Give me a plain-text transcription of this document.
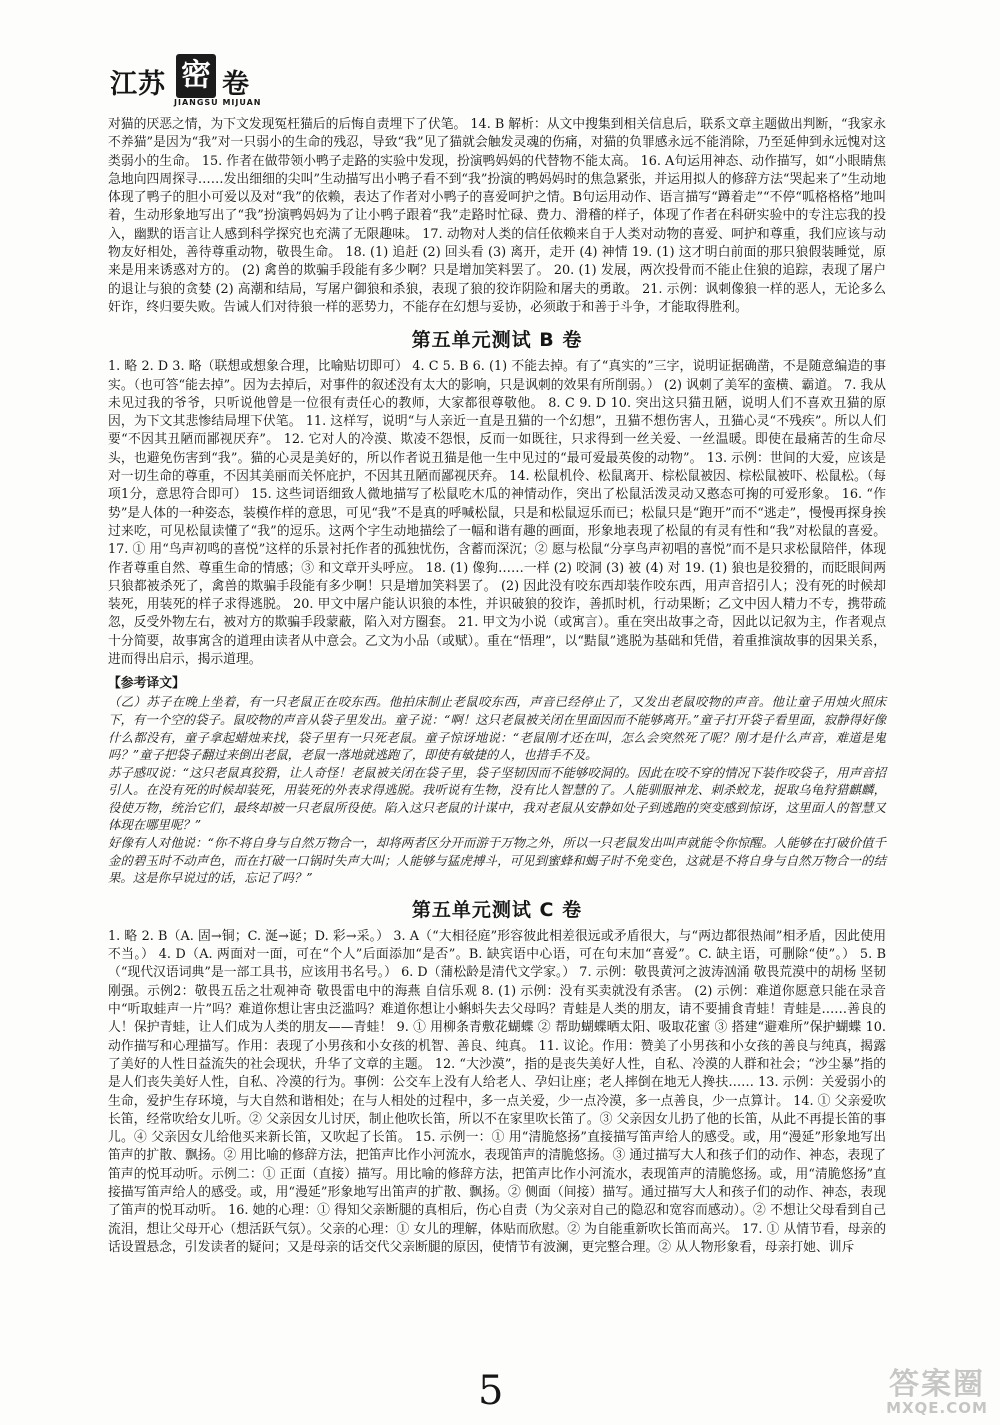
江苏 密 卷
JIANGSU MIJUAN

对猫的厌恶之情，为下文发现冤枉猫后的后悔自责埋下了伏笔。 14. B 解析：从文中搜集到相关信息后，联系文章主题做出判断，“我家永不养猫”是因为“我”对一只弱小的生命的残忍，导致“我”见了猫就会触发灵魂的伤痛，对猫的负罪感永远不能消除，乃至延伸到永远愧对这类弱小的生命。 15. 作者在做带领小鸭子走路的实验中发现，扮演鸭妈妈的代替物不能太高。 16. A句运用神态、动作描写，如“小眼睛焦急地向四周探寻……发出细细的尖叫”生动描写出小鸭子看不到“我”扮演的鸭妈妈时的焦急紧张，并运用拟人的修辞方法“哭起来了”生动地体现了鸭子的胆小可爱以及对“我”的依赖，表达了作者对小鸭子的喜爱呵护之情。B句运用动作、语言描写“蹲着走”“不停“呱格格格”地叫着，生动形象地写出了“我”扮演鸭妈妈为了让小鸭子跟着“我”走路时忙碌、费力、滑稽的样子，体现了作者在科研实验中的专注忘我的投入，幽默的语言让人感到科学探究也充满了无限趣味。 17. 动物对人类的信任依赖来自于人类对动物的喜爱、呵护和尊重，我们应该与动物友好相处，善待尊重动物，敬畏生命。 18. (1) 追赶 (2) 回头看 (3) 离开，走开 (4) 神情 19. (1) 这才明白前面的那只狼假装睡觉，原来是用来诱惑对方的。 (2) 禽兽的欺骗手段能有多少啊？只是增加笑料罢了。 20. (1) 发展，两次投骨而不能止住狼的追踪，表现了屠户的退让与狼的贪婪 (2) 高潮和结局，写屠户御狼和杀狼，表现了狼的狡诈阴险和屠夫的勇敢。 21. 示例：讽刺像狼一样的恶人，无论多么奸诈，终归要失败。告诫人们对待狼一样的恶势力，不能存在幻想与妥协，必须敢于和善于斗争，才能取得胜利。

第五单元测试 B 卷

1. 略 2. D 3. 略（联想或想象合理，比喻贴切即可） 4. C 5. B 6. (1) 不能去掉。有了“真实的”三字，说明证据确凿，不是随意编造的事实。（也可答“能去掉”。因为去掉后，对事件的叙述没有太大的影响，只是讽刺的效果有所削弱。） (2) 讽刺了美军的蛮横、霸道。 7. 我从未见过我的爷爷，只听说他曾是一位很有责任心的教师，大家都很尊敬他。 8. C 9. D 10. 突出这只猫丑陋，说明人们不喜欢丑猫的原因，为下文其悲惨结局埋下伏笔。 11. 这样写，说明“与人亲近一直是丑猫的一个幻想”，丑猫不想伤害人，丑猫心灵“不残疾”。所以人们要“不因其丑陋而鄙视厌弃”。 12. 它对人的冷漠、欺凌不怨恨，反而一如既往，只求得到一丝关爱、一丝温暖。即使在最痛苦的生命尽头，也避免伤害到“我”。猫的心灵是美好的，所以作者说丑猫是他一生中见过的“最可爱最英俊的动物”。 13. 示例：世间的大爱，应该是对一切生命的尊重，不因其美丽而关怀庇护，不因其丑陋而鄙视厌弃。 14. 松鼠机伶、松鼠离开、棕松鼠被因、棕松鼠被吓、松鼠松。（每项1分，意思符合即可） 15. 这些词语细致人微地描写了松鼠吃木瓜的神情动作，突出了松鼠活泼灵动又憨态可掬的可爱形象。 16. “作势”是人体的一种姿态，装模作样的意思，可见“我”不是真的呼喊松鼠，只是和松鼠逗乐而已；松鼠只是“跑开”而不“逃走”，慢慢再探身挨过来吃，可见松鼠读懂了“我”的逗乐。这两个字生动地描绘了一幅和谐有趣的画面，形象地表现了松鼠的有灵有性和“我”对松鼠的喜爱。 17. ① 用“鸟声初鸣的喜悦”这样的乐景衬托作者的孤独忧伤，含蓄而深沉；② 愿与松鼠“分享鸟声初唱的喜悦”而不是只求松鼠陪伴，体现作者尊重自然、尊重生命的情感；③ 和文章开头呼应。 18. (1) 像狗……一样 (2) 咬洞 (3) 被 (4) 对 19. (1) 狼也是狡猾的，而眨眼间两只狼都被杀死了，禽兽的欺骗手段能有多少啊！只是增加笑料罢了。 (2) 因此没有咬东西却装作咬东西，用声音招引人；没有死的时候却装死，用装死的样子求得逃脱。 20. 甲文中屠户能认识狼的本性，并识破狼的狡诈，善抓时机，行动果断；乙文中因人精力不专，携带疏忽，反受外物左右，被对方的欺骗手段蒙蔽，陷入对方圈套。 21. 甲文为小说（或寓言）。重在突出故事之奇，因此以记叙为主，作者观点十分简要，故事寓含的道理由读者从中意会。乙文为小品（或赋）。重在“悟理”，以“黠鼠”逃脱为基础和凭借，着重推演故事的因果关系，进而得出启示，揭示道理。

【参考译文】

（乙）苏子在晚上坐着，有一只老鼠正在咬东西。他拍床制止老鼠咬东西，声音已经停止了，又发出老鼠咬物的声音。他让童子用烛火照床下，有一个空的袋子。鼠咬物的声音从袋子里发出。童子说：“啊！这只老鼠被关闭在里面因而不能够离开。”童子打开袋子看里面，寂静得好像什么都没有，童子拿起蜡烛来找，袋子里有一只死老鼠。童子惊讶地说：“老鼠刚才还在叫，怎么会突然死了呢？刚才是什么声音，难道是鬼吗？”童子把袋子翻过来倒出老鼠，老鼠一落地就逃跑了，即使有敏捷的人，也措手不及。

苏子感叹说：“这只老鼠真狡猾，让人奇怪！老鼠被关闭在袋子里，袋子坚韧因而不能够咬洞的。因此在咬不穿的情况下装作咬袋子，用声音招引人。在没有死的时候却装死，用装死的外表求得逃脱。我听说有生物，没有比人智慧的了。人能驯服神龙、刺杀蛟龙，捉取乌龟狩猎麒麟，役使万物，统治它们，最终却被一只老鼠所役使。陷入这只老鼠的计谋中，我对老鼠从安静如处子到逃跑的突变感到惊讶，这里面人的智慧又体现在哪里呢？”

好像有人对他说：“你不将自身与自然万物合一，却将两者区分开而游于万物之外，所以一只老鼠发出叫声就能令你惊醒。人能够在打破价值千金的碧玉时不动声色，而在打破一口锅时失声大叫；人能够与猛虎搏斗，可见到蜜蜂和蝎子时不免变色，这就是不将自身与自然万物合一的结果。这是你早说过的话，忘记了吗？”

第五单元测试 C 卷

1. 略 2. B（A. 固→铜；C. 涎→诞；D. 彩→采。） 3. A（“大相径庭”形容彼此相差很远或矛盾很大，与“两边都很热闹”相矛盾，因此使用不当。） 4. D（A. 两面对一面，可在“个人”后面添加“是否”。B. 缺宾语中心语，可在句末加“喜爱”。C. 缺主语，可删除“使”。） 5. B（“现代汉语词典”是一部工具书，应该用书名号。） 6. D（蒲松龄是清代文学家。） 7. 示例：敬畏黄河之波涛汹涌 敬畏荒漠中的胡杨 坚韧刚强。示例2：敬畏五岳之壮观神奇 敬畏雷电中的海燕 自信乐观 8. (1) 示例：没有买卖就没有杀害。 (2) 示例：难道你愿意只能在录音中“听取蛙声一片”吗？难道你想让害虫泛滥吗？难道你想让小蝌蚪失去父母吗？青蛙是人类的朋友，请不要捕食青蛙！青蛙是……善良的人！保护青蛙，让人们成为人类的朋友——青蛙！ 9. ① 用柳条青敷花蝴蝶 ② 帮助蝴蝶晒太阳、吸取花蜜 ③ 搭建“避难所”保护蝴蝶 10. 动作描写和心理描写。作用：表现了小男孩和小女孩的机智、善良、纯真。 11. 议论。作用：赞美了小男孩和小女孩的善良与纯真，揭露了美好的人性日益流失的社会现状，升华了文章的主题。 12. “大沙漠”，指的是丧失美好人性，自私、冷漠的人群和社会；“沙尘暴”指的是人们丧失美好人性，自私、冷漠的行为。事例：公交车上没有人给老人、孕妇让座；老人摔倒在地无人搀扶…… 13. 示例：关爱弱小的生命，爱护生存环境，与大自然和谐相处；在与人相处的过程中，多一点关爱，少一点冷漠，多一点善良，少一点算计。 14. ① 父亲爱吹长笛，经常吹给女儿听。② 父亲因女儿讨厌，制止他吹长笛，所以不在家里吹长笛了。③ 父亲因女儿扔了他的长笛，从此不再提长笛的事儿。④ 父亲因女儿给他买来新长笛，又吹起了长笛。 15. 示例一：① 用“清脆悠扬”直接描写笛声给人的感受。或，用“漫延”形象地写出笛声的扩散、飘扬。② 用比喻的修辞方法，把笛声比作小河流水，表现笛声的清脆悠扬。③ 通过描写大人和孩子们的动作、神态，表现了笛声的悦耳动听。示例二：① 正面（直接）描写。用比喻的修辞方法，把笛声比作小河流水，表现笛声的清脆悠扬。或，用“清脆悠扬”直接描写笛声给人的感受。或，用“漫延”形象地写出笛声的扩散、飘扬。② 侧面（间接）描写。通过描写大人和孩子们的动作、神态，表现了笛声的悦耳动听。 16. 她的心理：① 得知父亲断腿的真相后，伤心自责（为父亲对自己的隐忍和宽容而感动）。② 不想让父母看到自己流泪，想让父母开心（想活跃气氛）。父亲的心理：① 女儿的理解，体贴而欣慰。② 为自能重新吹长笛而高兴。 17. ① 从情节看，母亲的话设置悬念，引发读者的疑问；又是母亲的话交代父亲断腿的原因，使情节有波澜，更完整合理。② 从人物形象看，母亲打她、训斥

5	答案圈
MXQE.COM
